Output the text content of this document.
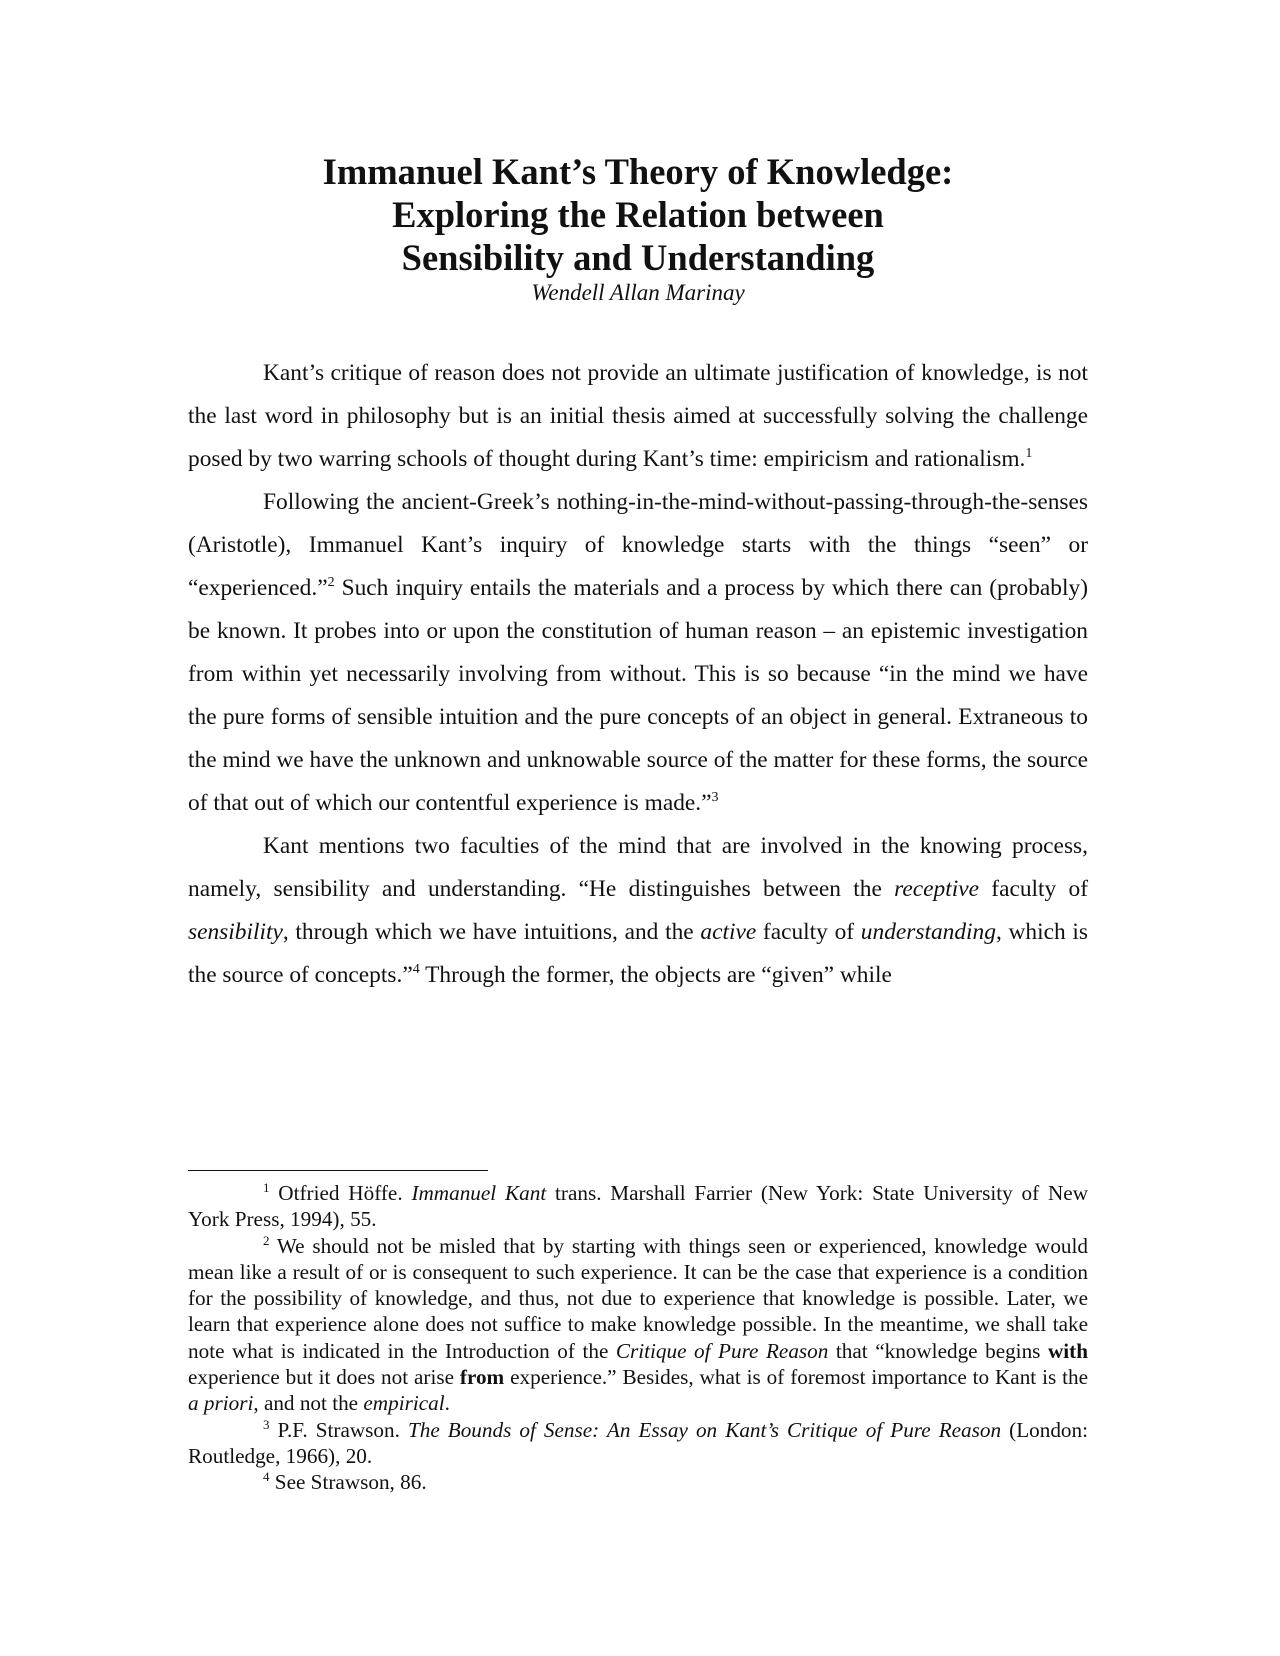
Immanuel Kant’s Theory of Knowledge:
Exploring the Relation between
Sensibility and Understanding

Wendell Allan Marinay

Kant’s critique of reason does not provide an ultimate justification of knowledge, is not the last word in philosophy but is an initial thesis aimed at successfully solving the challenge posed by two warring schools of thought during Kant’s time: empiricism and rationalism.$^1$

Following the ancient-Greek’s nothing-in-the-mind-without-passing-through-the-senses (Aristotle), Immanuel Kant’s inquiry of knowledge starts with the things “seen” or “experienced.”$^2$ Such inquiry entails the materials and a process by which there can (probably) be known. It probes into or upon the constitution of human reason – an epistemic investigation from within yet necessarily involving from without. This is so because “in the mind we have the pure forms of sensible intuition and the pure concepts of an object in general. Extraneous to the mind we have the unknown and unknowable source of the matter for these forms, the source of that out of which our contentful experience is made.”$^3$

Kant mentions two faculties of the mind that are involved in the knowing process, namely, sensibility and understanding. “He distinguishes between the receptive faculty of sensibility, through which we have intuitions, and the active faculty of understanding, which is the source of concepts.”$^4$ Through the former, the objects are “given” while

$^1$ Otfried Höffe. Immanuel Kant trans. Marshall Farrier (New York: State University of New York Press, 1994), 55.

$^2$ We should not be misled that by starting with things seen or experienced, knowledge would mean like a result of or is consequent to such experience. It can be the case that experience is a condition for the possibility of knowledge, and thus, not due to experience that knowledge is possible. Later, we learn that experience alone does not suffice to make knowledge possible. In the meantime, we shall take note what is indicated in the Introduction of the Critique of Pure Reason that “knowledge begins with experience but it does not arise from experience.” Besides, what is of foremost importance to Kant is the a priori, and not the empirical.

$^3$ P.F. Strawson. The Bounds of Sense: An Essay on Kant’s Critique of Pure Reason (London: Routledge, 1966), 20.

$^4$ See Strawson, 86.
